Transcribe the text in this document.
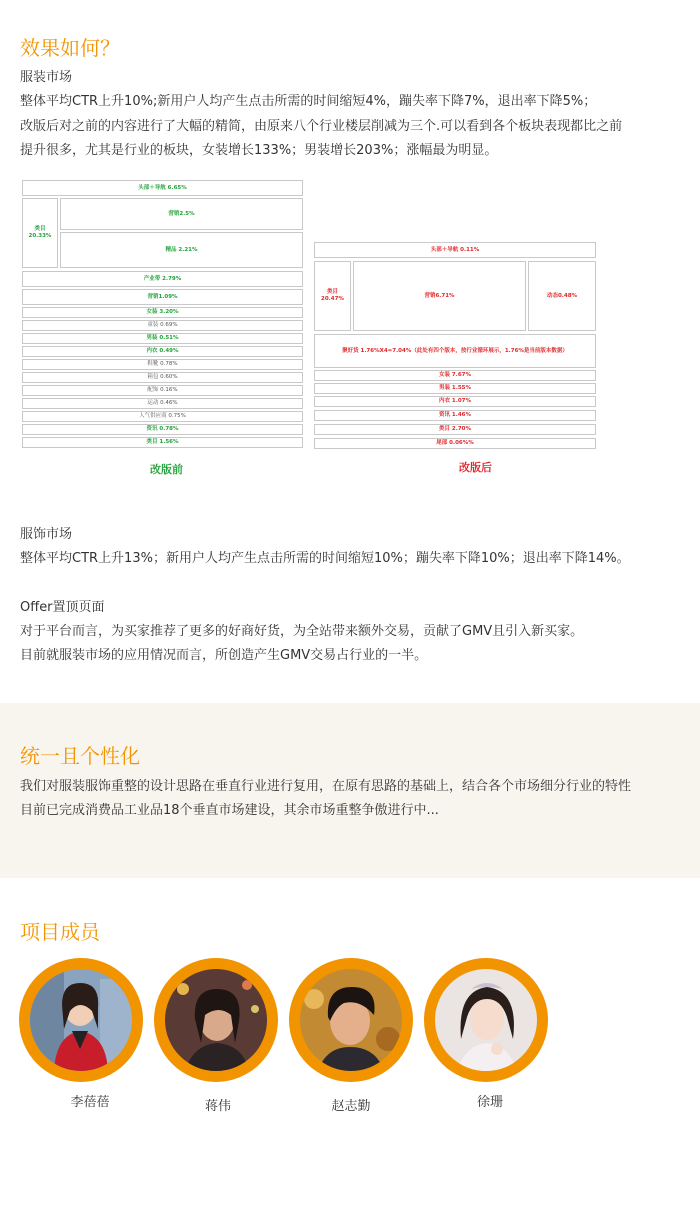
效果如何？
服装市场
整体平均CTR上升10%;新用户人均产生点击所需的时间缩短4%，蹦失率下降7%，退出率下降5%；
改版后对之前的内容进行了大幅的精简，由原来八个行业楼层削减为三个.可以看到各个板块表现都比之前
提升很多，尤其是行业的板块，女装增长133%；男装增长203%；涨幅最为明显。
头部＋导航 6.65%
类目
20.33%
营销2.5%
精品 2.21%
产业带 2.79%
营销1.09%
女装 3.20%
童装 0.69%
男装 0.51%
内衣 0.49%
鞋靴 0.78%
箱包 0.60%
配饰 0.16%
运动 0.46%
人气供应商 0.75%
资讯 0.78%
类目 1.56%
改版前
头部＋导航 0.11%
类目
20.47%
营销6.71%	动态0.48%
聚好货 1.76%X4=7.04%（此处有四个版本，按行业循环展示，1.76%是当前版本数据）
女装 7.67%
男装 1.55%
内衣 1.07%
资讯 1.46%
类目 2.70%
尾部 0.06%%
改版后
服饰市场
整体平均CTR上升13%；新用户人均产生点击所需的时间缩短10%；蹦失率下降10%；退出率下降14%。
Offer置顶页面
对于平台而言，为买家推荐了更多的好商好货，为全站带来额外交易，贡献了GMV且引入新买家。
目前就服装市场的应用情况而言，所创造产生GMV交易占行业的一半。
统一且个性化
我们对服装服饰重整的设计思路在垂直行业进行复用，在原有思路的基础上，结合各个市场细分行业的特性
目前已完成消费品工业品18个垂直市场建设，其余市场重整争傲进行中...
项目成员
李蓓蓓	蒋伟	赵志勤	徐珊
